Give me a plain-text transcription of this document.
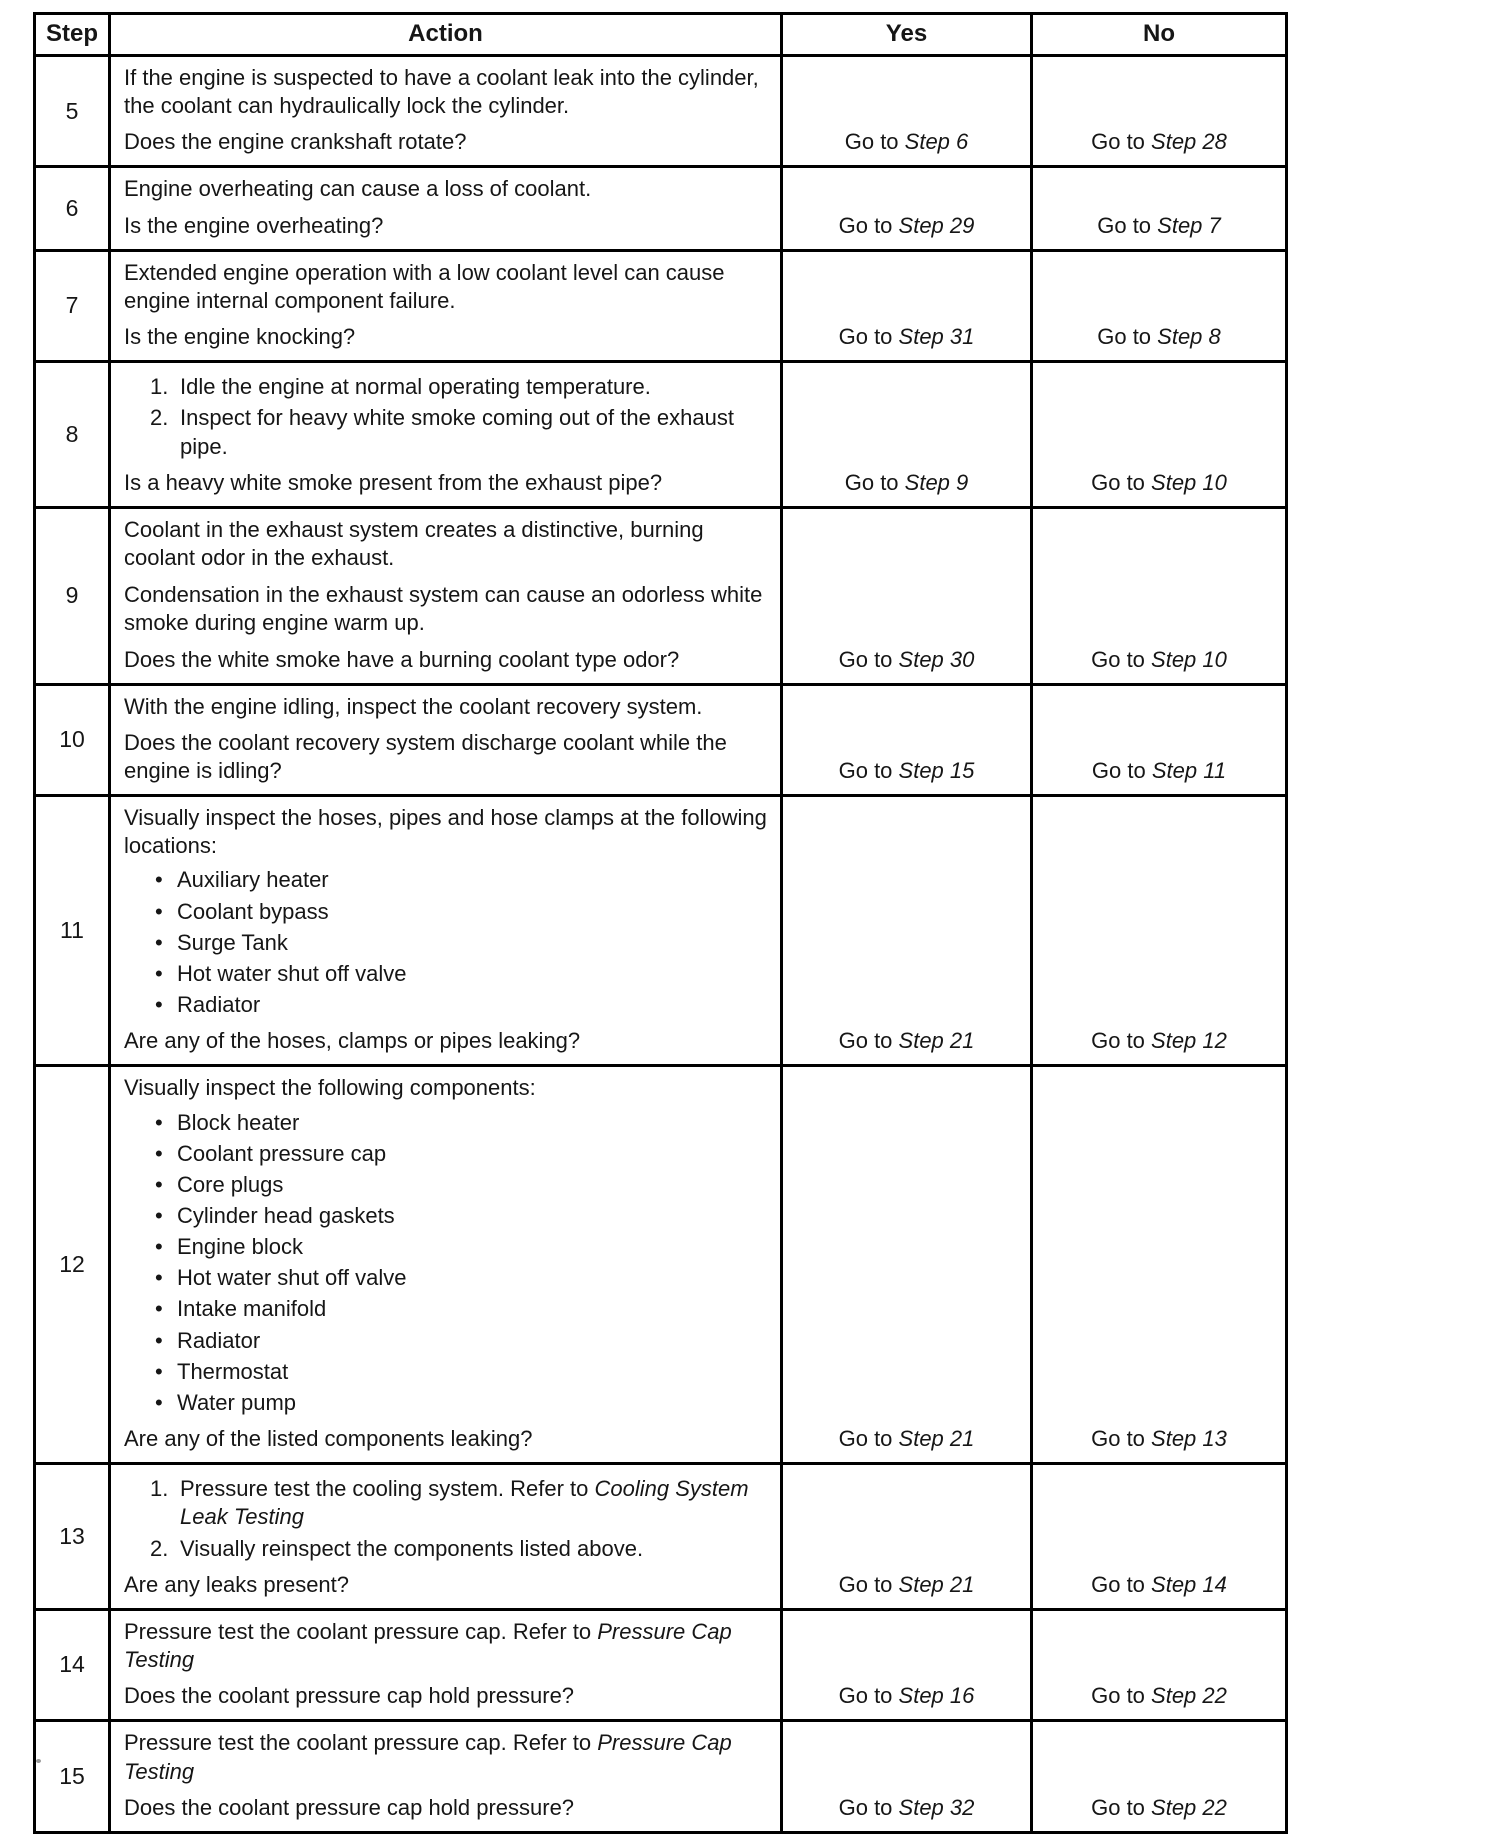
Step	Action	Yes	No
5	If the engine is suspected to have a coolant leak into the cylinder, the coolant can hydraulically lock the cylinder.
Does the engine crankshaft rotate?	Go to Step 6	Go to Step 28
6	Engine overheating can cause a loss of coolant.
Is the engine overheating?	Go to Step 29	Go to Step 7
7	Extended engine operation with a low coolant level can cause engine internal component failure.
Is the engine knocking?	Go to Step 31	Go to Step 8
8	1. Idle the engine at normal operating temperature.
2. Inspect for heavy white smoke coming out of the exhaust pipe.
Is a heavy white smoke present from the exhaust pipe?	Go to Step 9	Go to Step 10
9	Coolant in the exhaust system creates a distinctive, burning coolant odor in the exhaust.
Condensation in the exhaust system can cause an odorless white smoke during engine warm up.
Does the white smoke have a burning coolant type odor?	Go to Step 30	Go to Step 10
10	With the engine idling, inspect the coolant recovery system.
Does the coolant recovery system discharge coolant while the engine is idling?	Go to Step 15	Go to Step 11
11	
Visually inspect the hoses, pipes and hose clamps at the following locations:
• Auxiliary heater
• Coolant bypass
• Surge Tank
• Hot water shut off valve
• Radiator
Are any of the hoses, clamps or pipes leaking?	Go to Step 21	Go to Step 12
12	
Visually inspect the following components:
• Block heater
• Coolant pressure cap
• Core plugs
• Cylinder head gaskets
• Engine block
• Hot water shut off valve
• Intake manifold
• Radiator
• Thermostat
• Water pump
Are any of the listed components leaking?	Go to Step 21	Go to Step 13
13	1. Pressure test the cooling system. Refer to Cooling System Leak Testing
2. Visually reinspect the components listed above.
Are any leaks present?	Go to Step 21	Go to Step 14
14	Pressure test the coolant pressure cap. Refer to Pressure Cap Testing
Does the coolant pressure cap hold pressure?	Go to Step 16	Go to Step 22
15	Pressure test the coolant pressure cap. Refer to Pressure Cap Testing
Does the coolant pressure cap hold pressure?	Go to Step 32	Go to Step 22
